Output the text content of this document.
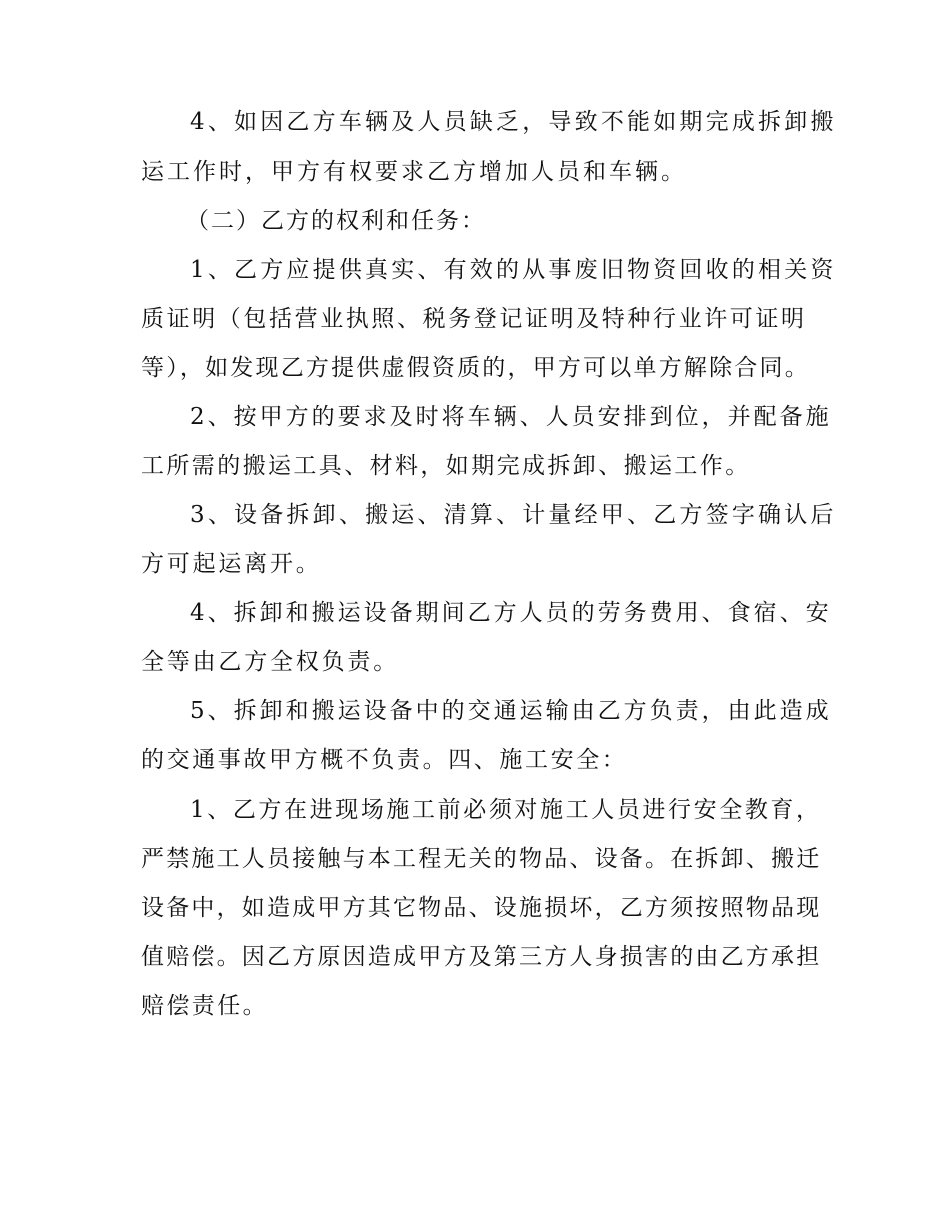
4、如因乙方车辆及人员缺乏，导致不能如期完成拆卸搬
运工作时，甲方有权要求乙方增加人员和车辆。
（二）乙方的权利和任务：
1、乙方应提供真实、有效的从事废旧物资回收的相关资
质证明（包括营业执照、税务登记证明及特种行业许可证明
等），如发现乙方提供虚假资质的，甲方可以单方解除合同。
2、按甲方的要求及时将车辆、人员安排到位，并配备施
工所需的搬运工具、材料，如期完成拆卸、搬运工作。
3、设备拆卸、搬运、清算、计量经甲、乙方签字确认后
方可起运离开。
4、拆卸和搬运设备期间乙方人员的劳务费用、食宿、安
全等由乙方全权负责。
5、拆卸和搬运设备中的交通运输由乙方负责，由此造成
的交通事故甲方概不负责。四、施工安全：
1、乙方在进现场施工前必须对施工人员进行安全教育，
严禁施工人员接触与本工程无关的物品、设备。在拆卸、搬迁
设备中，如造成甲方其它物品、设施损坏，乙方须按照物品现
值赔偿。因乙方原因造成甲方及第三方人身损害的由乙方承担
赔偿责任。
